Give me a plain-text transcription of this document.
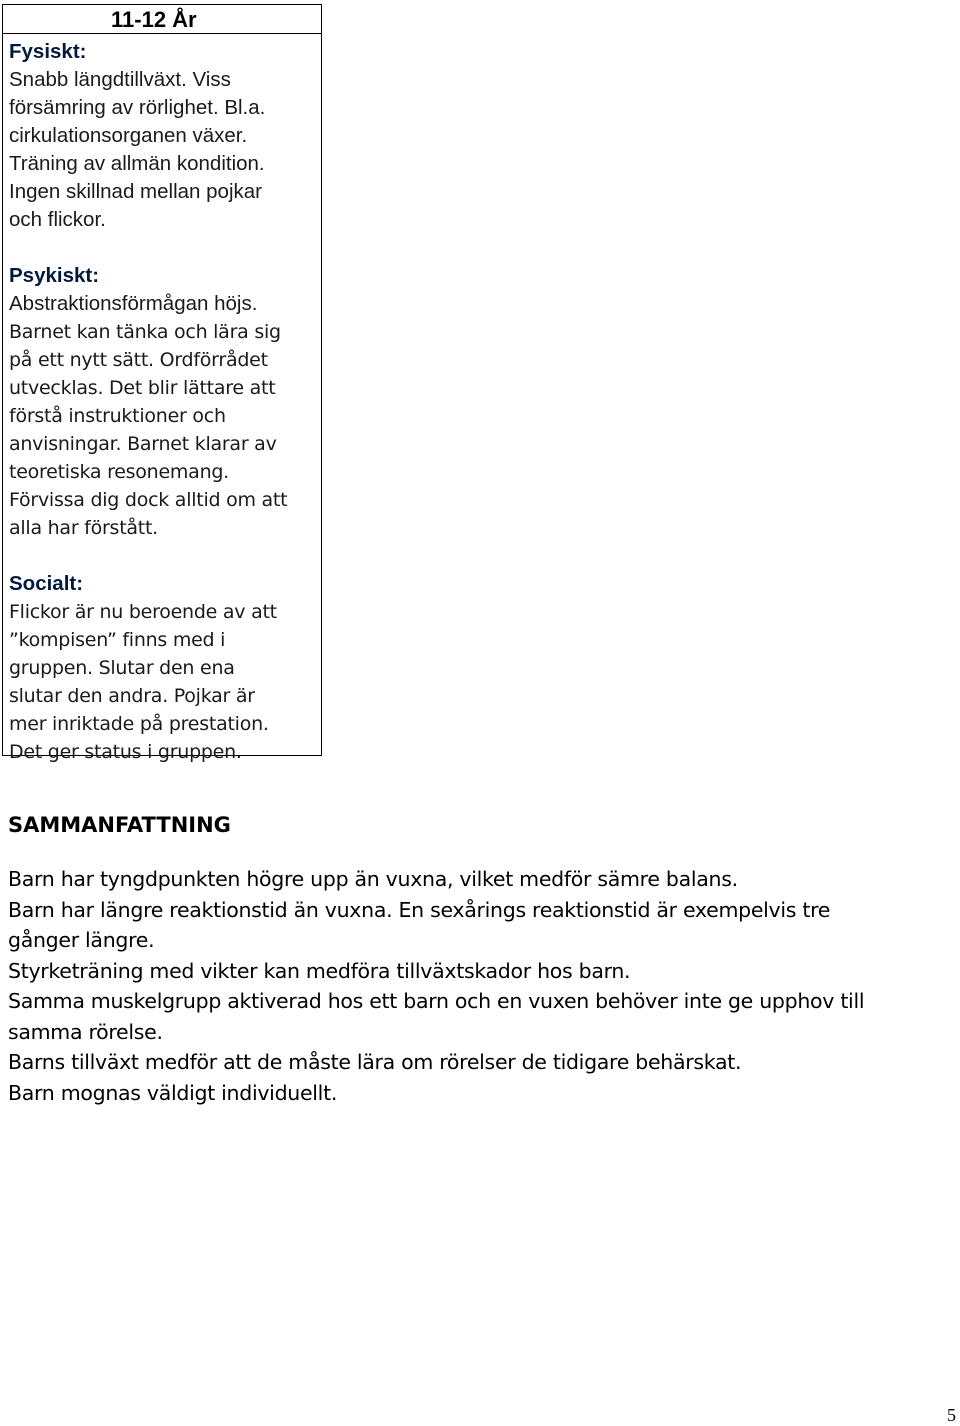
11-12 År
Fysiskt:
Snabb längdtillväxt. Viss
försämring av rörlighet. Bl.a.
cirkulationsorganen växer.
Träning av allmän kondition.
Ingen skillnad mellan pojkar
och flickor.
Psykiskt:
Abstraktionsförmågan höjs.
Barnet kan tänka och lära sig
på ett nytt sätt. Ordförrådet
utvecklas. Det blir lättare att
förstå instruktioner och
anvisningar. Barnet klarar av
teoretiska resonemang.
Förvissa dig dock alltid om att
alla har förstått.
Socialt:
Flickor är nu beroende av att
”kompisen” finns med i
gruppen. Slutar den ena
slutar den andra. Pojkar är
mer inriktade på prestation.
Det ger status i gruppen.
SAMMANFATTNING
Barn har tyngdpunkten högre upp än vuxna, vilket medför sämre balans.
Barn har längre reaktionstid än vuxna. En sexårings reaktionstid är exempelvis tre
gånger längre.
Styrketräning med vikter kan medföra tillväxtskador hos barn.
Samma muskelgrupp aktiverad hos ett barn och en vuxen behöver inte ge upphov till
samma rörelse.
Barns tillväxt medför att de måste lära om rörelser de tidigare behärskat.
Barn mognas väldigt individuellt.
5
